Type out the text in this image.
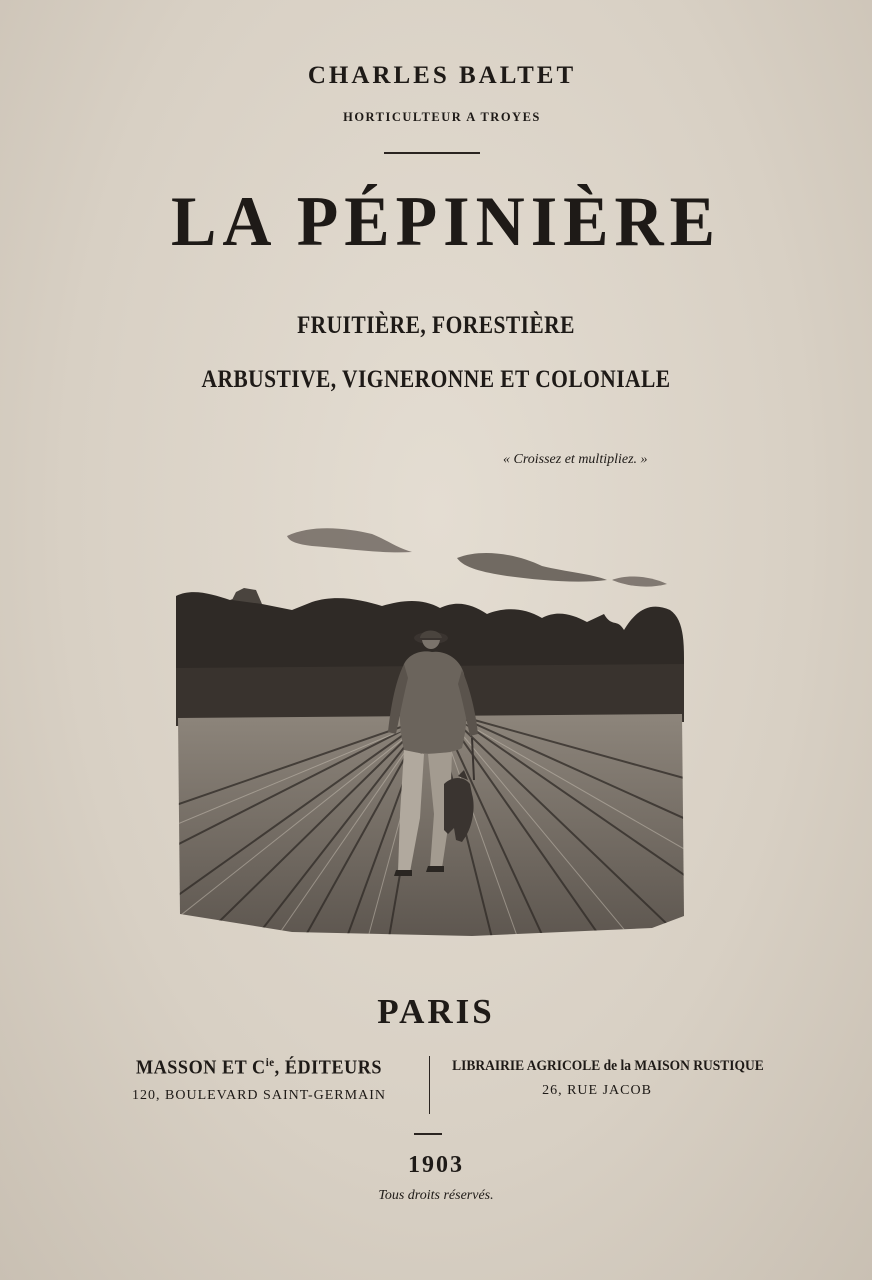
CHARLES BALTET
HORTICULTEUR A TROYES
LA PÉPINIÈRE
FRUITIÈRE, FORESTIÈRE
ARBUSTIVE, VIGNERONNE ET COLONIALE
« Croissez et multipliez. »
PARIS
MASSON ET $C^{ie}$, ÉDITEURS
120, BOULEVARD SAINT-GERMAIN
LIBRAIRIE AGRICOLE de la MAISON RUSTIQUE
26, RUE JACOB
1903
Tous droits réservés.
